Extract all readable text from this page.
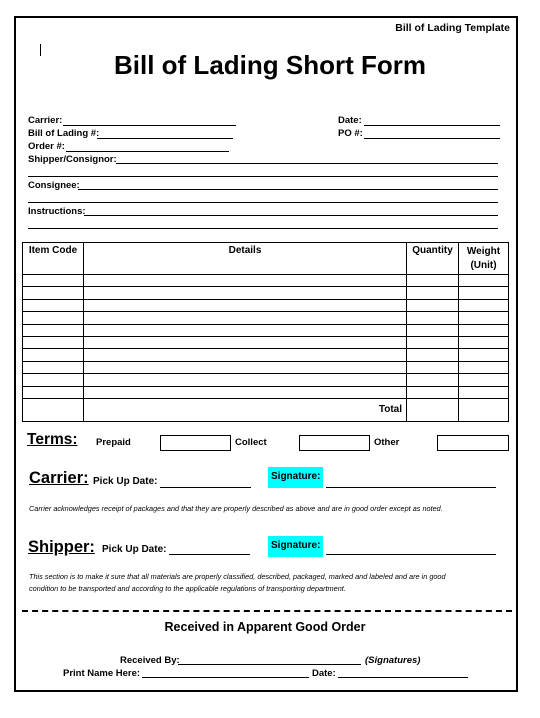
Bill of Lading Template
Bill of Lading Short Form
Carrier:	Date:
Bill of Lading #:	PO #:
Order #:
Shipper/Consignor:
Consignee:
Instructions:
Item Code	Details	Quantity	Weight (Unit)

	Total		
Terms: Prepaid	Collect	Other
Carrier: Pick Up Date:	Signature:
Carrier acknowledges receipt of packages and that they are properly described as above and are in good order except as noted.
Shipper: Pick Up Date:	Signature:
This section is to make it sure that all materials are properly classified, described, packaged, marked and labeled and are in good
condition to be transported and according to the applicable regulations of transporting department.
Received in Apparent Good Order
Received By:	(Signatures)
Print Name Here:	Date:
